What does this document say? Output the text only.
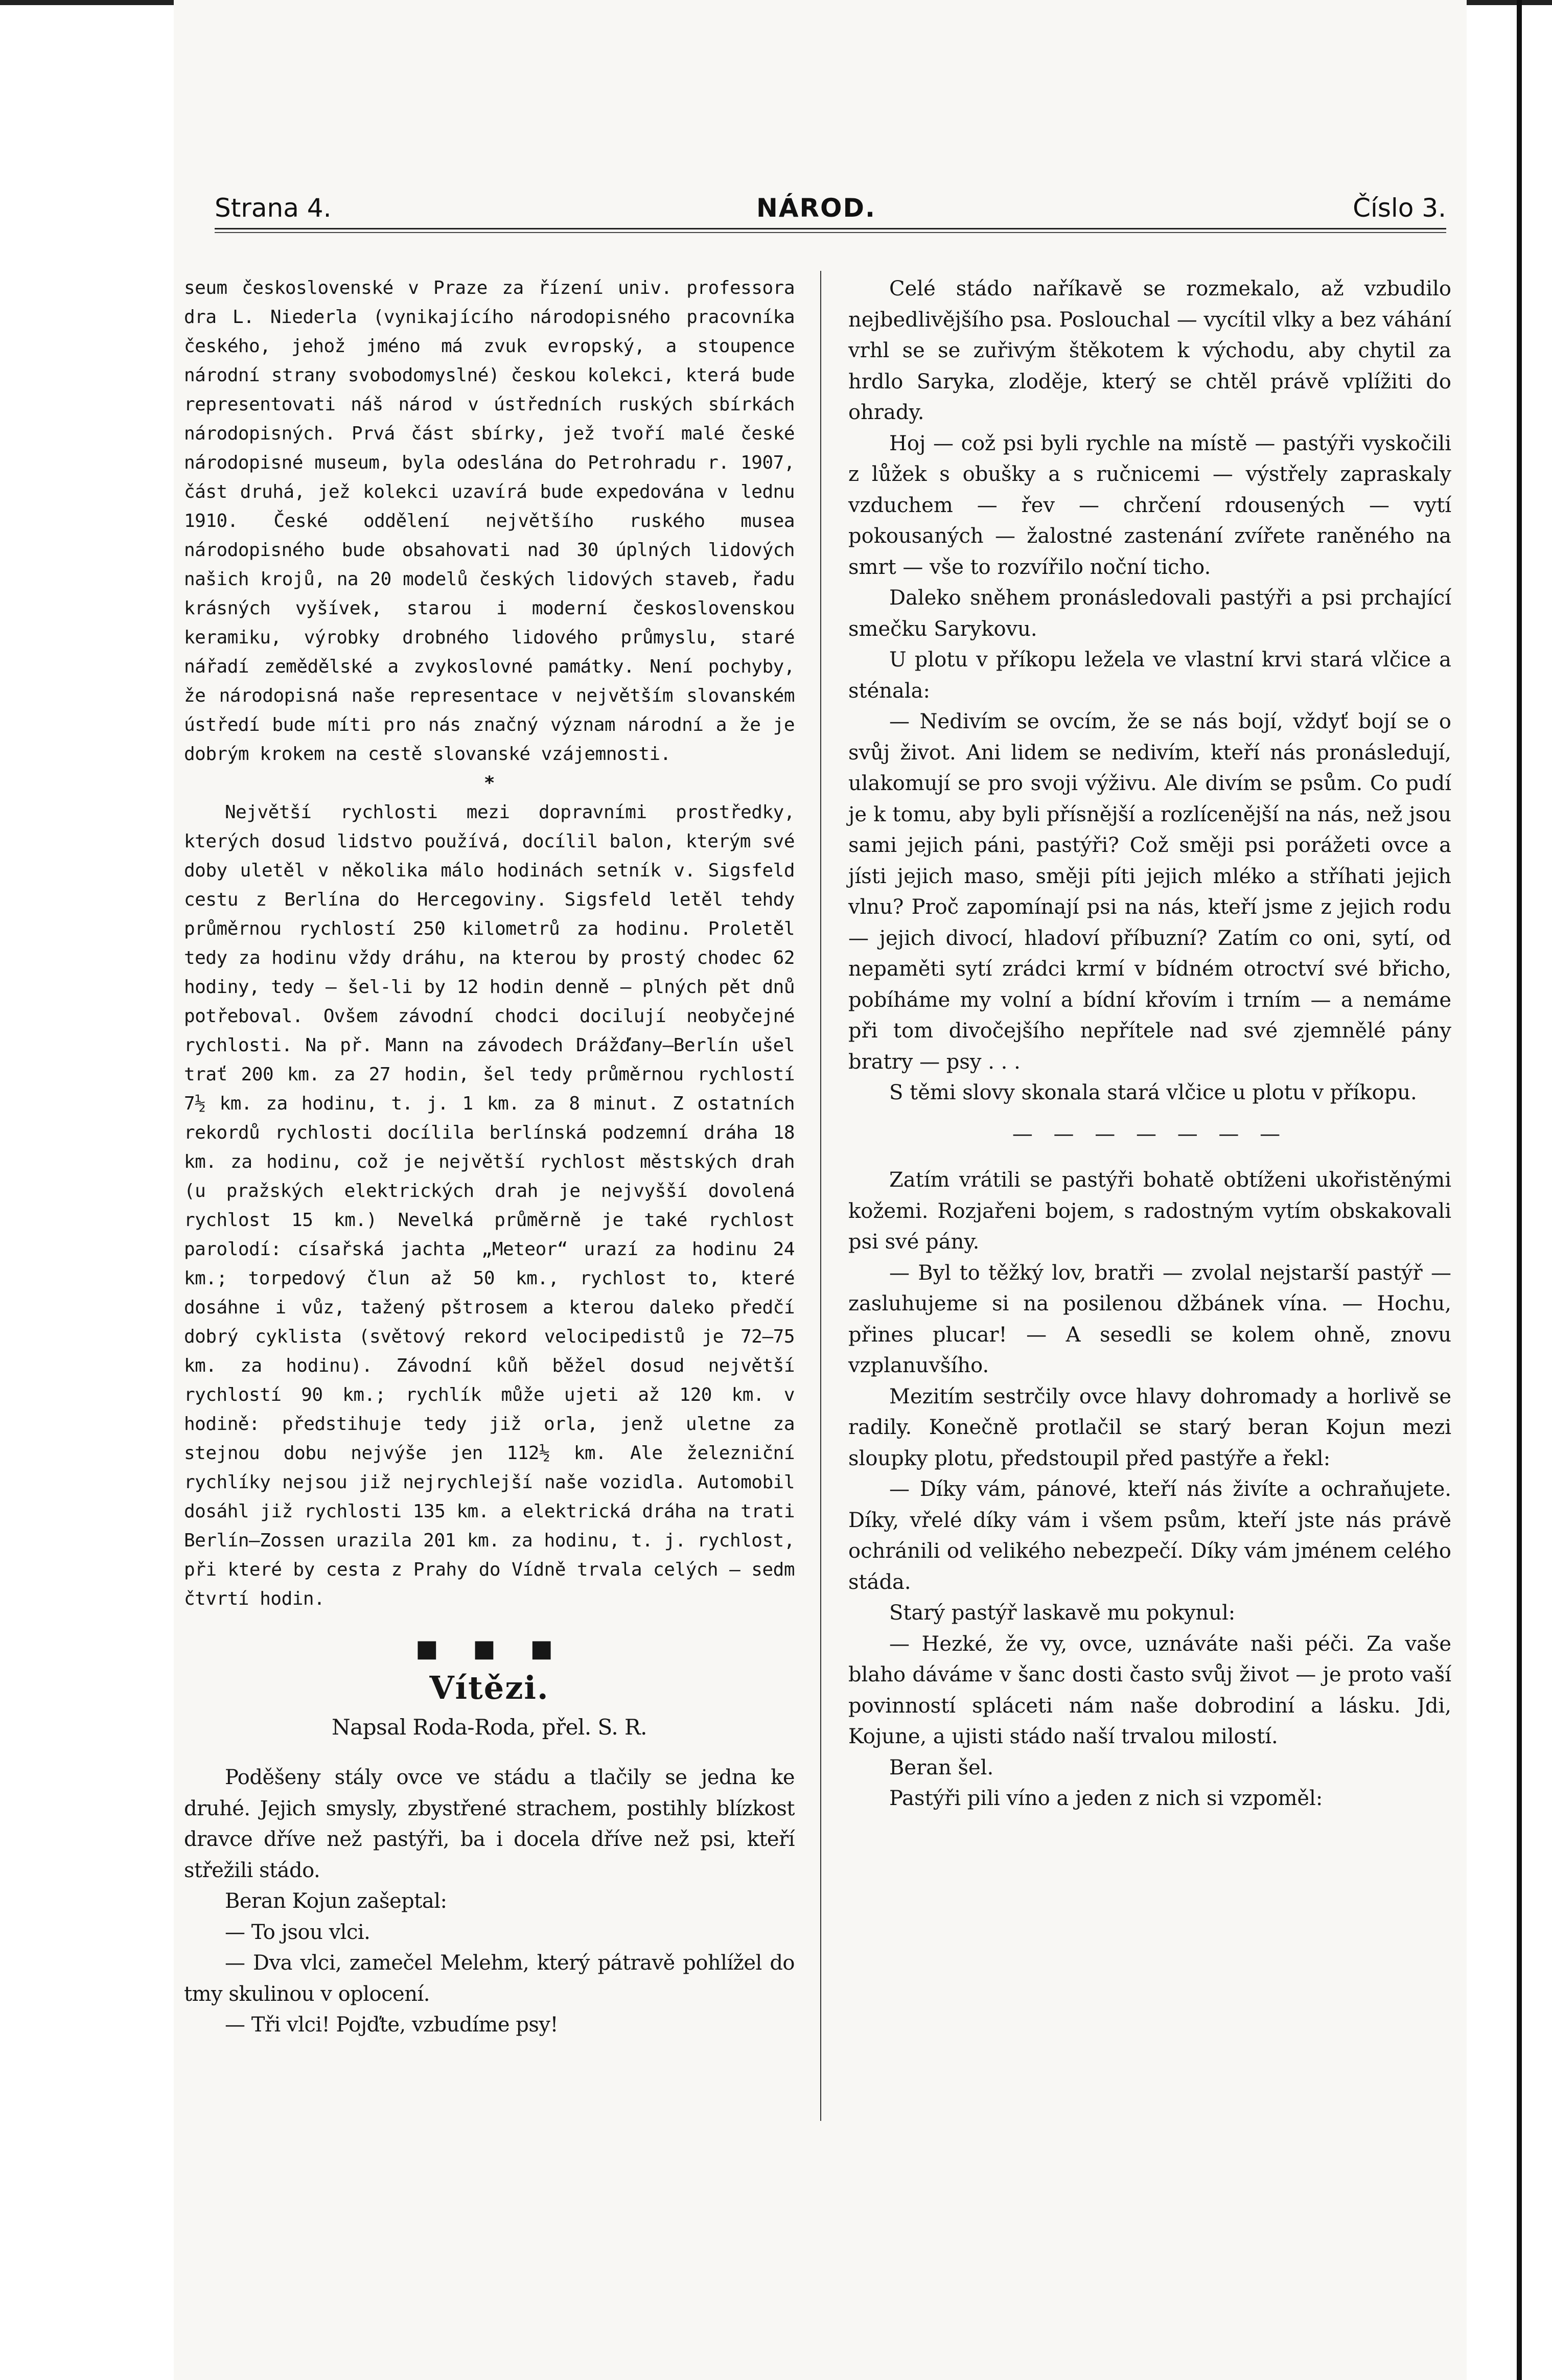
Strana 4.	NÁROD.	Číslo 3.

seum československé v Praze za řízení univ. professora dra L. Niederla (vynikajícího národopisného pracovníka českého, jehož jméno má zvuk evropský, a stoupence národní strany svobodomyslné) českou kolekci, která bude representovati náš národ v ústředních ruských sbírkách národopisných. Prvá část sbírky, jež tvoří malé české národopisné museum, byla odeslána do Petrohradu r. 1907, část druhá, jež kolekci uzavírá bude expedována v lednu 1910. České oddělení největšího ruského musea národopisného bude obsahovati nad 30 úplných lidových našich krojů, na 20 modelů českých lidových staveb, řadu krásných vyšívek, starou i moderní československou keramiku, výrobky drobného lidového průmyslu, staré nářadí zemědělské a zvykoslovné památky. Není pochyby, že národopisná naše representace v největším slovanském ústředí bude míti pro nás značný význam národní a že je dobrým krokem na cestě slovanské vzájemnosti.

*

Největší rychlosti mezi dopravními prostředky, kterých dosud lidstvo používá, docílil balon, kterým své doby uletěl v několika málo hodinách setník v. Sigsfeld cestu z Berlína do Hercegoviny. Sigsfeld letěl tehdy průměrnou rychlostí 250 kilometrů za hodinu. Proletěl tedy za hodinu vždy dráhu, na kterou by prostý chodec 62 hodiny, tedy — šel-li by 12 hodin denně — plných pět dnů potřeboval. Ovšem závodní chodci docilují neobyčejné rychlosti. Na př. Mann na závodech Drážďany—Berlín ušel trať 200 km. za 27 hodin, šel tedy průměrnou rychlostí 7½ km. za hodinu, t. j. 1 km. za 8 minut. Z ostatních rekordů rychlosti docílila berlínská podzemní dráha 18 km. za hodinu, což je největší rychlost městských drah (u pražských elektrických drah je nejvyšší dovolená rychlost 15 km.) Nevelká průměrně je také rychlost parolodí: císařská jachta „Meteor“ urazí za hodinu 24 km.; torpedový člun až 50 km., rychlost to, které dosáhne i vůz, tažený pštrosem a kterou daleko předčí dobrý cyklista (světový rekord velocipedistů je 72—75 km. za hodinu). Závodní kůň běžel dosud největší rychlostí 90 km.; rychlík může ujeti až 120 km. v hodině: předstihuje tedy již orla, jenž uletne za stejnou dobu nejvýše jen 112½ km. Ale železniční rychlíky nejsou již nejrychlejší naše vozidla. Automobil dosáhl již rychlosti 135 km. a elektrická dráha na trati Berlín—Zossen urazila 201 km. za hodinu, t. j. rychlost, při které by cesta z Prahy do Vídně trvala celých — sedm čtvrtí hodin.

■ ■ ■
Vítězi.
Napsal Roda-Roda, přel. S. R.

Poděšeny stály ovce ve stádu a tlačily se jedna ke druhé. Jejich smysly, zbystřené strachem, postihly blízkost dravce dříve než pastýři, ba i docela dříve než psi, kteří střežili stádo.

Beran Kojun zašeptal:

— To jsou vlci.

— Dva vlci, zamečel Melehm, který pátravě pohlížel do tmy skulinou v oplocení.

— Tři vlci! Pojďte, vzbudíme psy!

Celé stádo naříkavě se rozmekalo, až vzbudilo nejbedlivějšího psa. Poslouchal — vycítil vlky a bez váhání vrhl se se zuřivým štěkotem k východu, aby chytil za hrdlo Saryka, zloděje, který se chtěl právě vplížiti do ohrady.

Hoj — což psi byli rychle na místě — pastýři vyskočili z lůžek s obušky a s ručnicemi — výstřely zapraskaly vzduchem — řev — chrčení rdousených — vytí pokousaných — žalostné zastenání zvířete raněného na smrt — vše to rozvířilo noční ticho.

Daleko sněhem pronásledovali pastýři a psi prchající smečku Sarykovu.

U plotu v příkopu ležela ve vlastní krvi stará vlčice a sténala:

— Nedivím se ovcím, že se nás bojí, vždyť bojí se o svůj život. Ani lidem se nedivím, kteří nás pronásledují, ulakomují se pro svoji výživu. Ale divím se psům. Co pudí je k tomu, aby byli přísnější a rozlícenější na nás, než jsou sami jejich páni, pastýři? Což směji psi porážeti ovce a jísti jejich maso, směji píti jejich mléko a stříhati jejich vlnu? Proč zapomínají psi na nás, kteří jsme z jejich rodu — jejich divocí, hladoví příbuzní? Zatím co oni, sytí, od nepaměti sytí zrádci krmí v bídném otroctví své břicho, pobíháme my volní a bídní křovím i trním — a nemáme při tom divočejšího nepřítele nad své zjemnělé pány bratry — psy . . .

S těmi slovy skonala stará vlčice u plotu v příkopu.

— — — — — — —

Zatím vrátili se pastýři bohatě obtíženi ukořistěnými kožemi. Rozjařeni bojem, s radostným vytím obskakovali psi své pány.

— Byl to těžký lov, bratři — zvolal nejstarší pastýř — zasluhujeme si na posilenou džbánek vína. — Hochu, přines plucar! — A sesedli se kolem ohně, znovu vzplanuvšího.

Mezitím sestrčily ovce hlavy dohromady a horlivě se radily. Konečně protlačil se starý beran Kojun mezi sloupky plotu, předstoupil před pastýře a řekl:

— Díky vám, pánové, kteří nás živíte a ochraňujete. Díky, vřelé díky vám i všem psům, kteří jste nás právě ochránili od velikého nebezpečí. Díky vám jménem celého stáda.

Starý pastýř laskavě mu pokynul:

— Hezké, že vy, ovce, uznáváte naši péči. Za vaše blaho dáváme v šanc dosti často svůj život — je proto vaší povinností spláceti nám naše dobrodiní a lásku. Jdi, Kojune, a ujisti stádo naší trvalou milostí.

Beran šel.

Pastýři pili víno a jeden z nich si vzpoměl:
